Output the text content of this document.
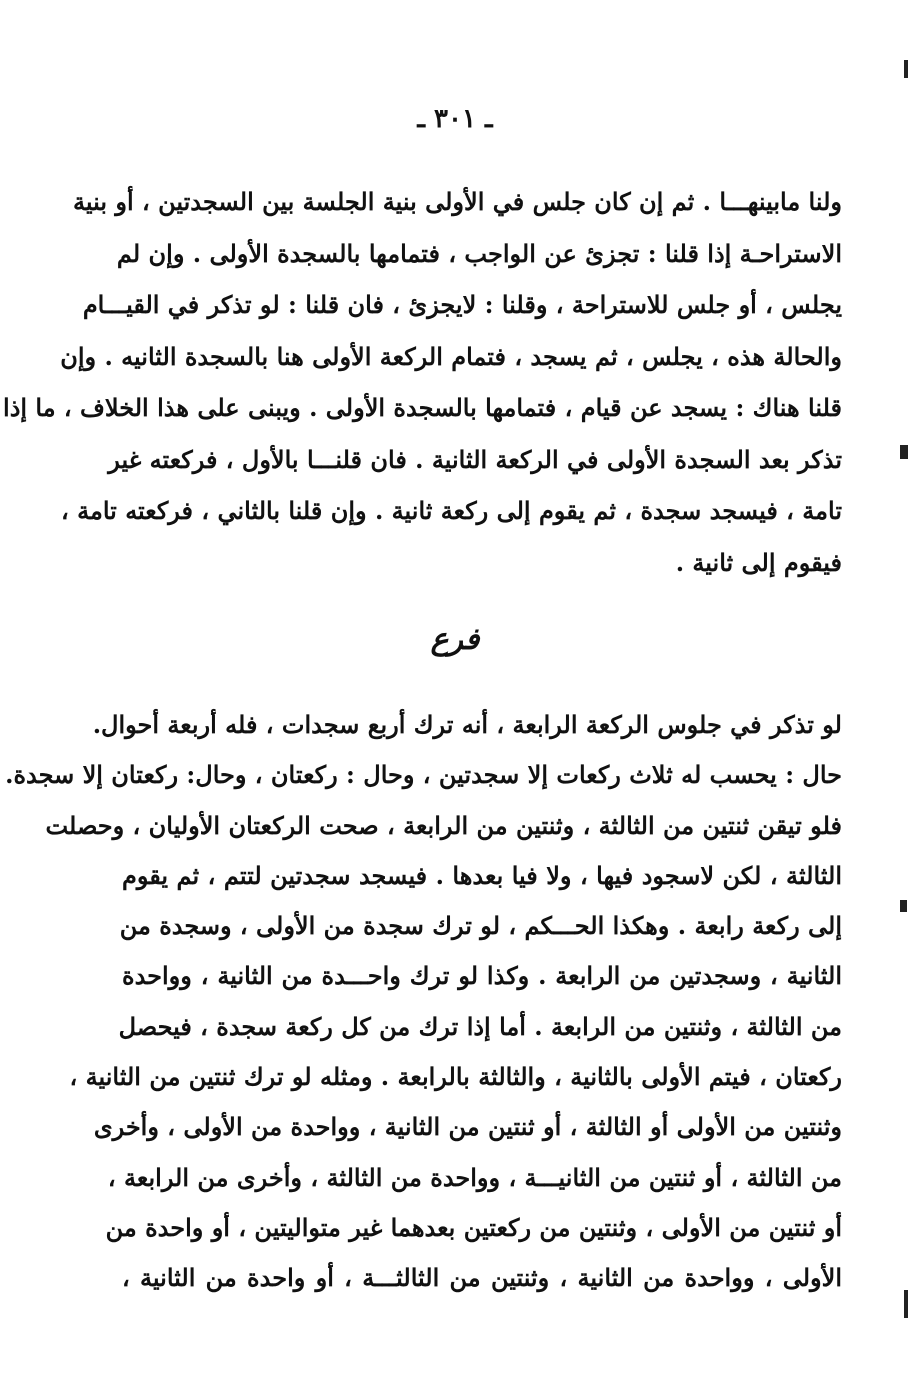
ـ ٣٠١ ـ
ولنا مابينهـــا . ثم إن كان جلس في الأولى بنية الجلسة بين السجدتين ، أو بنية
الاستراحـة إذا قلنا : تجزئ عن الواجب ، فتمامها بالسجدة الأولى . وإن لم
يجلس ، أو جلس للاستراحة ، وقلنا : لايجزئ ، فان قلنا : لو تذكر في القيـــام
والحالة هذه ، يجلس ، ثم يسجد ، فتمام الركعة الأولى هنا بالسجدة الثانيه . وإن
قلنا هناك : يسجد عن قيام ، فتمامها بالسجدة الأولى . ويبنى على هذا الخلاف ، ما إذا
تذكر بعد السجدة الأولى في الركعة الثانية . فان قلنـــا بالأول ، فركعته غير
تامة ، فيسجد سجدة ، ثم يقوم إلى ركعة ثانية . وإن قلنا بالثاني ، فركعته تامة ،
فيقوم إلى ثانية .
فرع
لو تذكر في جلوس الركعة الرابعة ، أنه ترك أربع سجدات ، فله أربعة أحوال.
حال : يحسب له ثلاث ركعات إلا سجدتين ، وحال : ركعتان ، وحال: ركعتان إلا سجدة.
فلو تيقن ثنتين من الثالثة ، وثنتين من الرابعة ، صحت الركعتان الأوليان ، وحصلت
الثالثة ، لكن لاسجود فيها ، ولا فيا بعدها . فيسجد سجدتين لتتم ، ثم يقوم
إلى ركعة رابعة . وهكذا الحـــكم ، لو ترك سجدة من الأولى ، وسجدة من
الثانية ، وسجدتين من الرابعة . وكذا لو ترك واحـــدة من الثانية ، وواحدة
من الثالثة ، وثنتين من الرابعة . أما إذا ترك من كل ركعة سجدة ، فيحصل
ركعتان ، فيتم الأولى بالثانية ، والثالثة بالرابعة . ومثله لو ترك ثنتين من الثانية ،
وثنتين من الأولى أو الثالثة ، أو ثنتين من الثانية ، وواحدة من الأولى ، وأخرى
من الثالثة ، أو ثنتين من الثانيـــة ، وواحدة من الثالثة ، وأخرى من الرابعة ،
أو ثنتين من الأولى ، وثنتين من ركعتين بعدهما غير متواليتين ، أو واحدة من
الأولى ، وواحدة من الثانية ، وثنتين من الثالثـــة ، أو واحدة من الثانية ،
